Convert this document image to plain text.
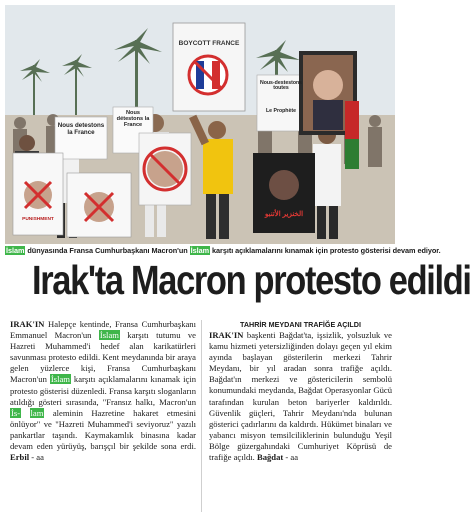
BOYCOTT FRANCE
Nous detestons la France
Nous détestons la France
PUNISHMENT
Nous-destestons toutes
Le Prophète
الخنزير الأتنبو
İslam dünyasında Fransa Cumhurbaşkanı Macron'un İslam karşıtı açıklamalarını kınamak için protesto gösterisi devam ediyor.
Irak'ta Macron protesto edildi
IRAK'IN Halepçe kentinde, Fransa Cumhurbaşkanı Emmanuel Macron'un İslam karşıtı tutumu ve Hazreti Muhammed'i hedef alan karikatürleri savunması protesto edildi. Kent meydanında bir araya gelen yüzlerce kişi, Fransa Cumhurbaşkanı Macron'un İslam karşıtı açıklamalarını kınamak için protesto gösterisi düzenledi. Fransa karşıtı sloganların atıldığı gösteri sırasında, "Fransız halkı, Macron'un İs- lam aleminin Hazretine hakaret etmesini önlüyor" ve "Hazreti Muhammed'i seviyoruz" yazılı pankartlar taşındı. Kaymakamlık binasına kadar devam eden yürüyüş, barışçıl bir şekilde sona erdi. Erbil - aa
TAHRİR MEYDANI TRAFİĞE AÇILDI
IRAK'IN başkenti Bağdat'ta, işsizlik, yolsuzluk ve kamu hizmeti yetersizliğinden dolayı geçen yıl ekim ayında başlayan gösterilerin merkezi Tahrir Meydanı, bir yıl aradan sonra trafiğe açıldı. Bağdat'ın merkezi ve göstericilerin sembolü konumundaki meydanda, Bağdat Operasyonlar Gücü tarafından kurulan beton bariyerler kaldırıldı. Güvenlik güçleri, Tahrir Meydanı'nda bulunan gösterici çadırlarını da kaldırdı. Hükümet binaları ve yabancı misyon temsilciliklerinin bulunduğu Yeşil Bölge güzergahındaki Cumhuriyet Köprüsü de trafiğe açıldı. Bağdat - aa
